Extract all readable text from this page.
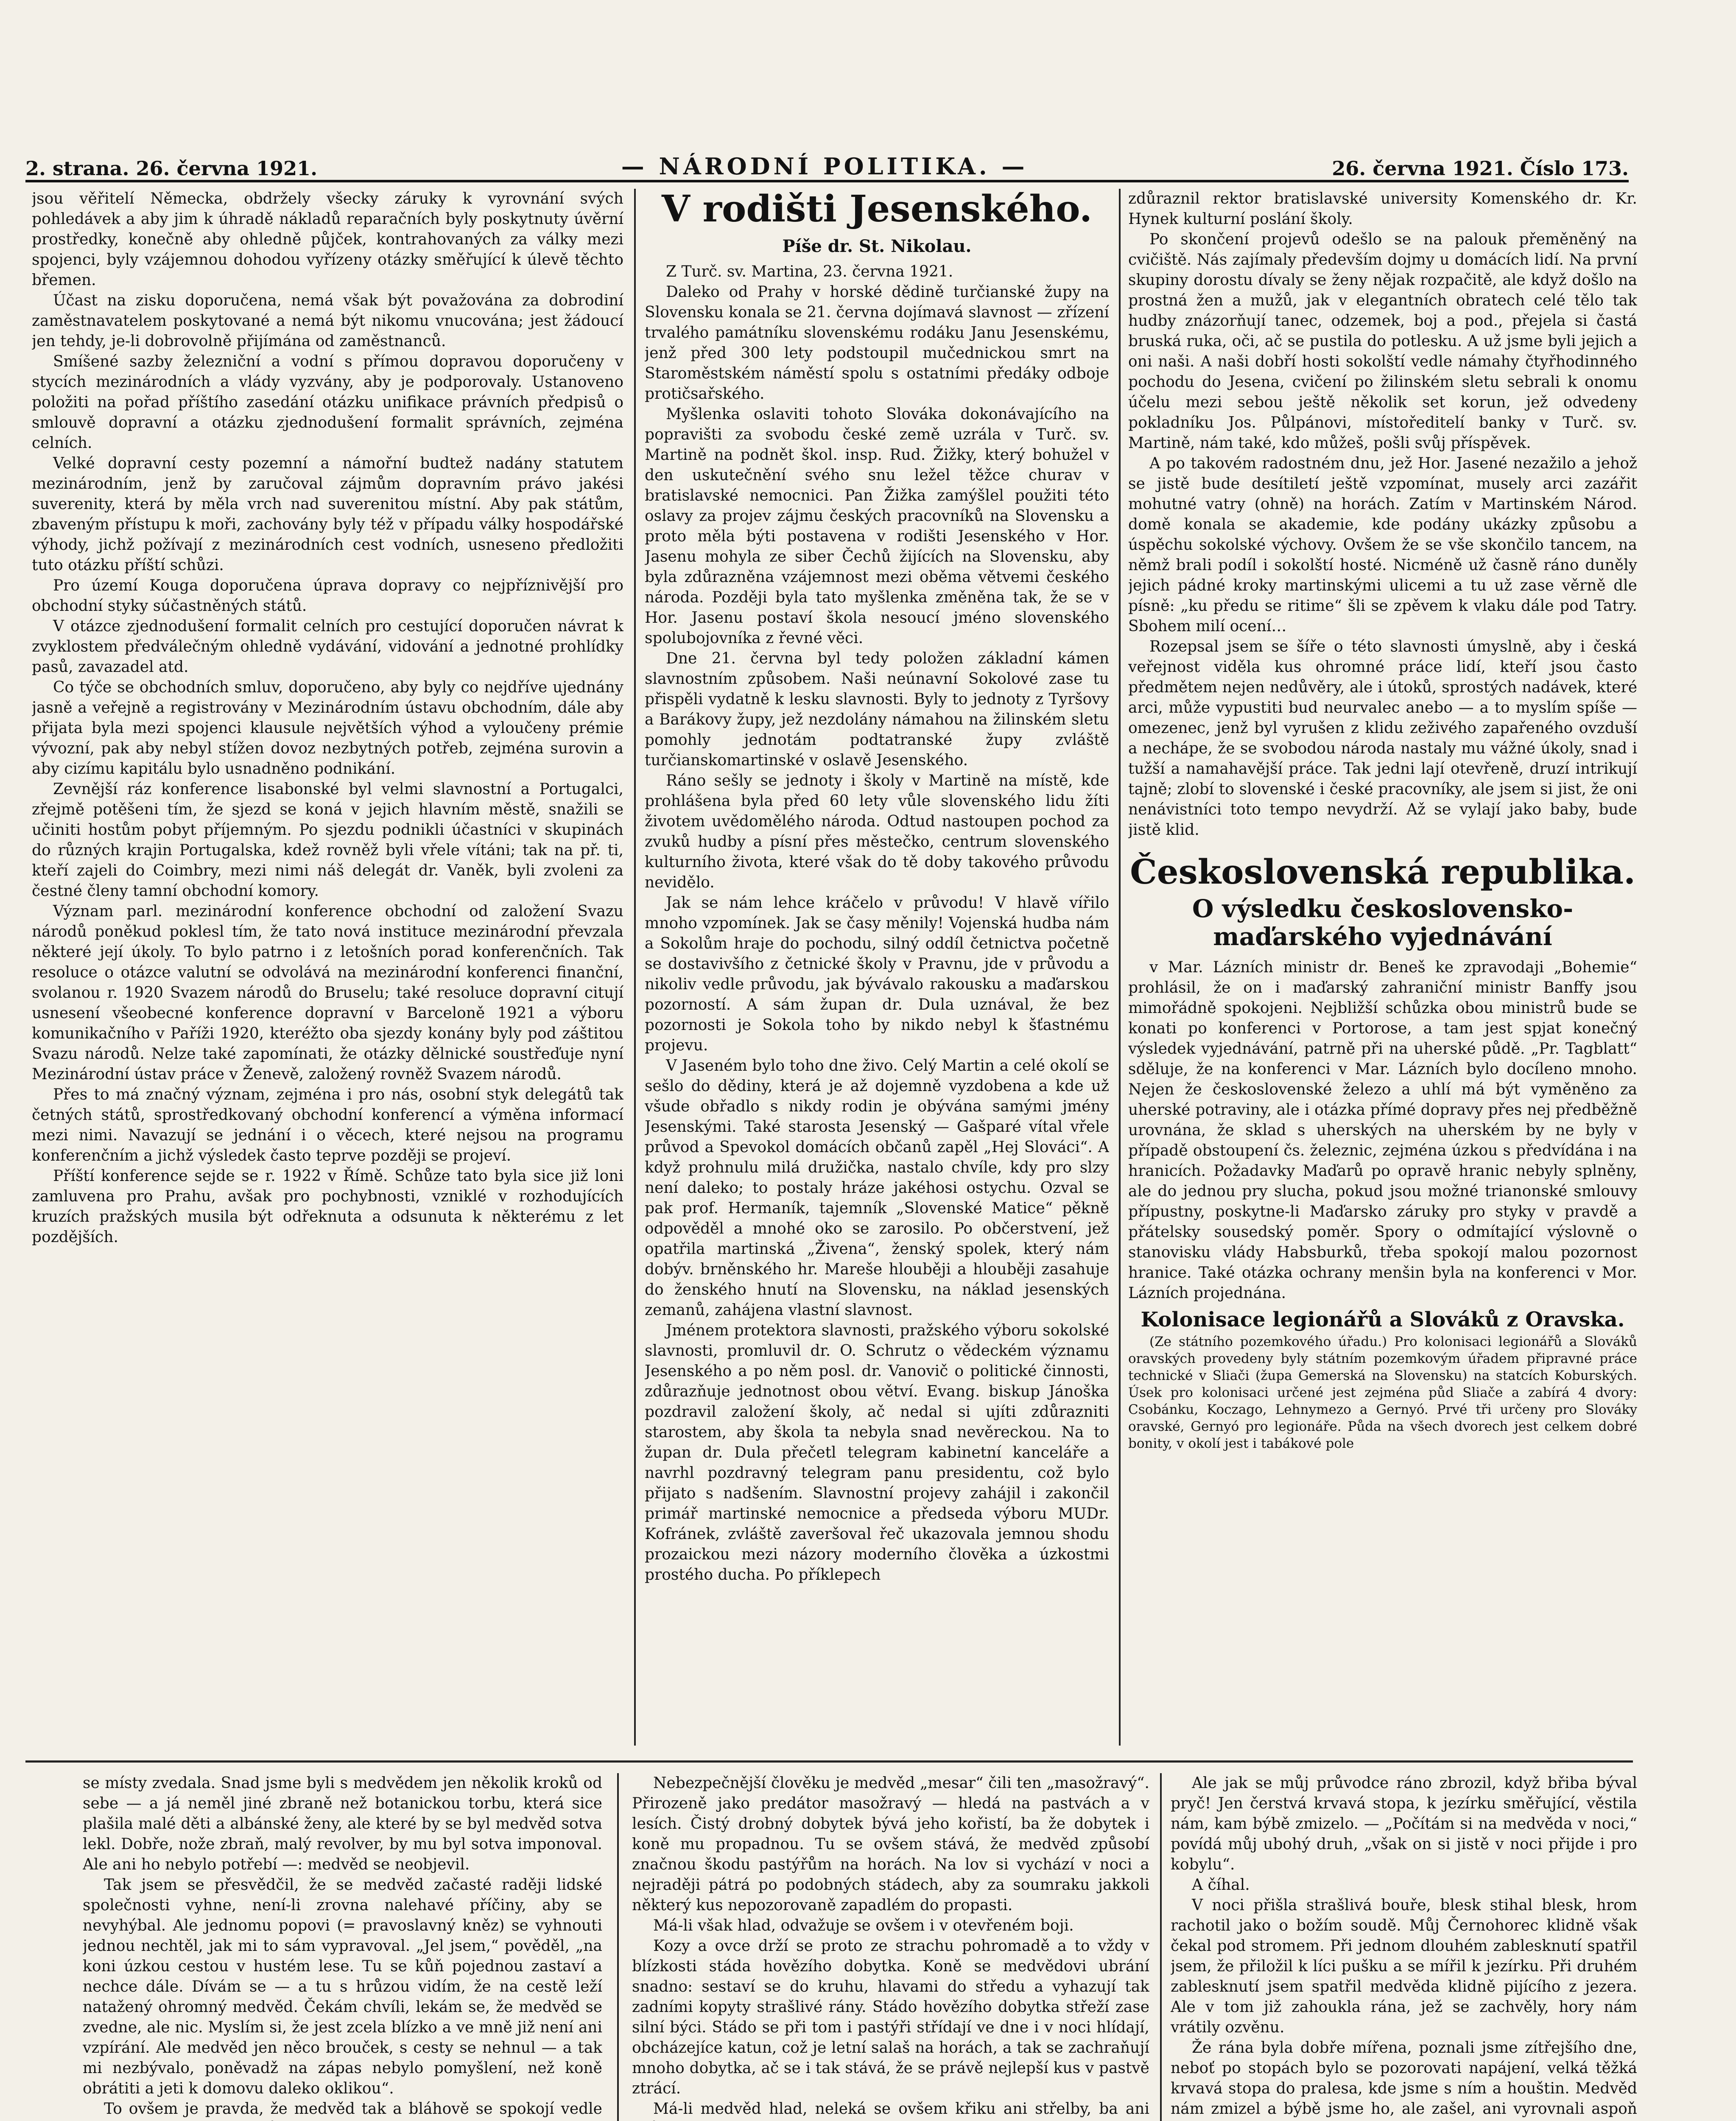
2. strana. 26. června 1921.	— NÁRODNÍ POLITIKA. —	26. června 1921. Číslo 173.

jsou věřitelí Německa, obdržely všecky záruky k vyrovnání svých pohledávek a aby jim k úhradě nákladů reparačních byly poskytnuty úvěrní prostředky, konečně aby ohledně půjček, kontrahovaných za války mezi spojenci, byly vzájemnou dohodou vyřízeny otázky směřující k úlevě těchto břemen.

Účast na zisku doporučena, nemá však být považována za dobrodiní zaměstnavatelem poskytované a nemá být nikomu vnucována; jest žádoucí jen tehdy, je-li dobrovolně přijímána od zaměstnanců.

Smíšené sazby železniční a vodní s přímou dopravou doporučeny v stycích mezinárodních a vlády vyzvány, aby je podporovaly. Ustanoveno položiti na pořad příštího zasedání otázku unifikace právních předpisů o smlouvě dopravní a otázku zjednodušení formalit správních, zejména celních.

Velké dopravní cesty pozemní a námořní budtež nadány statutem mezinárodním, jenž by zaručoval zájmům dopravním právo jakési suverenity, která by měla vrch nad suverenitou místní. Aby pak státům, zbaveným přístupu k moři, zachovány byly též v případu války hospodářské výhody, jichž požívají z mezinárodních cest vodních, usneseno předložiti tuto otázku příští schůzi.

Pro území Kouga doporučena úprava dopravy co nejpříznivější pro obchodní styky súčastněných států.

V otázce zjednodušení formalit celních pro cestující doporučen návrat k zvyklostem předválečným ohledně vydávání, vidování a jednotné prohlídky pasů, zavazadel atd.

Co týče se obchodních smluv, doporučeno, aby byly co nejdříve ujednány jasně a veřejně a registrovány v Mezinárodním ústavu obchodním, dále aby přijata byla mezi spojenci klausule největších výhod a vyloučeny prémie vývozní, pak aby nebyl stížen dovoz nezbytných potřeb, zejména surovin a aby cizímu kapitálu bylo usnadněno podnikání.

Zevnější ráz konference lisabonské byl velmi slavnostní a Portugalci, zřejmě potěšeni tím, že sjezd se koná v jejich hlavním městě, snažili se učiniti hostům pobyt příjemným. Po sjezdu podnikli účastníci v skupinách do různých krajin Portugalska, kdež rovněž byli vřele vítáni; tak na př. ti, kteří zajeli do Coimbry, mezi nimi náš delegát dr. Vaněk, byli zvoleni za čestné členy tamní obchodní komory.

Význam parl. mezinárodní konference obchodní od založení Svazu národů poněkud poklesl tím, že tato nová instituce mezinárodní převzala některé její úkoly. To bylo patrno i z letošních porad konferenčních. Tak resoluce o otázce valutní se odvolává na mezinárodní konferenci finanční, svolanou r. 1920 Svazem národů do Bruselu; také resoluce dopravní citují usnesení všeobecné konference dopravní v Barceloně 1921 a výboru komunikačního v Paříži 1920, kteréžto oba sjezdy konány byly pod záštitou Svazu národů. Nelze také zapomínati, že otázky dělnické soustřeďuje nyní Mezinárodní ústav práce v Ženevě, založený rovněž Svazem národů.

Přes to má značný význam, zejména i pro nás, osobní styk delegátů tak četných států, sprostředkovaný obchodní konferencí a výměna informací mezi nimi. Navazují se jednání i o věcech, které nejsou na programu konferenčním a jichž výsledek často teprve později se projeví.

Příští konference sejde se r. 1922 v Římě. Schůze tato byla sice již loni zamluvena pro Prahu, avšak pro pochybnosti, vzniklé v rozhodujících kruzích pražských musila být odřeknuta a odsunuta k některému z let pozdějších.

V rodišti Jesenského.
Píše dr. St. Nikolau.

Z Turč. sv. Martina, 23. června 1921.

Daleko od Prahy v horské dědině turčianské župy na Slovensku konala se 21. června dojímavá slavnost — zřízení trvalého památníku slovenskému rodáku Janu Jesenskému, jenž před 300 lety podstoupil mučednickou smrt na Staroměstském náměstí spolu s ostatními předáky odboje protičsařského.

Myšlenka oslaviti tohoto Slováka dokonávajícího na popravišti za svobodu české země uzrála v Turč. sv. Martině na podnět škol. insp. Rud. Žižky, který bohužel v den uskutečnění svého snu ležel těžce churav v bratislavské nemocnici. Pan Žižka zamýšlel použiti této oslavy za projev zájmu českých pracovníků na Slovensku a proto měla býti postavena v rodišti Jesenského v Hor. Jasenu mohyla ze siber Čechů žijících na Slovensku, aby byla zdůrazněna vzájemnost mezi oběma větvemi českého národa. Později byla tato myšlenka změněna tak, že se v Hor. Jasenu postaví škola nesoucí jméno slovenského spolubojovníka z řevné věci.

Dne 21. června byl tedy položen základní kámen slavnostním způsobem. Naši neúnavní Sokolové zase tu přispěli vydatně k lesku slavnosti. Byly to jednoty z Tyršovy a Barákovy župy, jež nezdolány námahou na žilinském sletu pomohly jednotám podtatranské župy zvláště turčianskomartinské v oslavě Jesenského.

Ráno sešly se jednoty i školy v Martině na místě, kde prohlášena byla před 60 lety vůle slovenského lidu žíti životem uvědomělého národa. Odtud nastoupen pochod za zvuků hudby a písní přes městečko, centrum slovenského kulturního života, které však do tě doby takového průvodu nevidělo.

Jak se nám lehce kráčelo v průvodu! V hlavě vířilo mnoho vzpomínek. Jak se časy měnily! Vojenská hudba nám a Sokolům hraje do pochodu, silný oddíl četnictva početně se dostavivšího z četnické školy v Pravnu, jde v průvodu a nikoliv vedle průvodu, jak bývávalo rakousku a maďarskou pozorností. A sám župan dr. Dula uznával, že bez pozornosti je Sokola toho by nikdo nebyl k šťastnému projevu.

V Jaseném bylo toho dne živo. Celý Martin a celé okolí se sešlo do dědiny, která je až dojemně vyzdobena a kde už všude obřadlo s nikdy rodin je obývána samými jmény Jesenskými. Také starosta Jesenský — Gašparé vítal vřele průvod a Spevokol domácích občanů zapěl „Hej Slováci“. A když prohnulu milá družička, nastalo chvíle, kdy pro slzy není daleko; to postaly hráze jakéhosi ostychu. Ozval se pak prof. Hermaník, tajemník „Slovenské Matice“ pěkně odpověděl a mnohé oko se zarosilo. Po občerstvení, jež opatřila martinská „Živena“, ženský spolek, který nám dobýv. brněnského hr. Mareše hlouběji a hlouběji zasahuje do ženského hnutí na Slovensku, na náklad jesenských zemanů, zahájena vlastní slavnost.

Jménem protektora slavnosti, pražského výboru sokolské slavnosti, promluvil dr. O. Schrutz o vědeckém významu Jesenského a po něm posl. dr. Vanovič o politické činnosti, zdůrazňuje jednotnost obou větví. Evang. biskup Jánoška pozdravil založení školy, ač nedal si ujíti zdůrazniti starostem, aby škola ta nebyla snad nevěreckou. Na to župan dr. Dula přečetl telegram kabinetní kanceláře a navrhl pozdravný telegram panu presidentu, což bylo přijato s nadšením. Slavnostní projevy zahájil i zakončil primář martinské nemocnice a předseda výboru MUDr. Kofránek, zvláště zaveršoval řeč ukazovala jemnou shodu prozaickou mezi názory moderního člověka a úzkostmi prostého ducha. Po příklepech

zdůraznil rektor bratislavské university Komenského dr. Kr. Hynek kulturní poslání školy.

Po skončení projevů odešlo se na palouk přeměněný na cvičiště. Nás zajímaly především dojmy u domácích lidí. Na první skupiny dorostu dívaly se ženy nějak rozpačitě, ale když došlo na prostná žen a mužů, jak v elegantních obratech celé tělo tak hudby znázorňují tanec, odzemek, boj a pod., přejela si častá bruská ruka, oči, ač se pustila do potlesku. A už jsme byli jejich a oni naši. A naši dobří hosti sokolští vedle námahy čtyřhodinného pochodu do Jesena, cvičení po žilinském sletu sebrali k onomu účelu mezi sebou ještě několik set korun, jež odvedeny pokladníku Jos. Půlpánovi, místoředitelí banky v Turč. sv. Martině, nám také, kdo můžeš, pošli svůj příspěvek.

A po takovém radostném dnu, jež Hor. Jasené nezažilo a jehož se jistě bude desítiletí ještě vzpomínat, musely arci zazářit mohutné vatry (ohně) na horách. Zatím v Martinském Národ. domě konala se akademie, kde podány ukázky způsobu a úspěchu sokolské výchovy. Ovšem že se vše skončilo tancem, na němž brali podíl i sokolští hosté. Nicméně už časně ráno duněly jejich pádné kroky martinskými ulicemi a tu už zase věrně dle písně: „ku předu se ritime“ šli se zpěvem k vlaku dále pod Tatry. Sbohem milí ocení…

Rozepsal jsem se šíře o této slavnosti úmyslně, aby i česká veřejnost viděla kus ohromné práce lidí, kteří jsou často předmětem nejen nedůvěry, ale i útoků, sprostých nadávek, které arci, může vypustiti bud neurvalec anebo — a to myslím spíše — omezenec, jenž byl vyrušen z klidu zeživého zapařeného ovzduší a nechápe, že se svobodou národa nastaly mu vážné úkoly, snad i tužší a namahavější práce. Tak jedni lají otevřeně, druzí intrikují tajně; zlobí to slovenské i české pracovníky, ale jsem si jist, že oni nenávistníci toto tempo nevydrží. Až se vylají jako baby, bude jistě klid.

Československá republika.
O výsledku československo-maďarského vyjednávání

v Mar. Lázních ministr dr. Beneš ke zpravodaji „Bohemie“ prohlásil, že on i maďarský zahraniční ministr Banffy jsou mimořádně spokojeni. Nejbližší schůzka obou ministrů bude se konati po konferenci v Portorose, a tam jest spjat konečný výsledek vyjednávání, patrně při na uherské půdě. „Pr. Tagblatt“ sděluje, že na konferenci v Mar. Lázních bylo docíleno mnoho. Nejen že československé železo a uhlí má být vyměněno za uherské potraviny, ale i otázka přímé dopravy přes nej předběžně urovnána, že sklad s uherských na uherském by ne byly v případě obstoupení čs. železnic, zejména úzkou s předvídána i na hranicích. Požadavky Maďarů po opravě hranic nebyly splněny, ale do jednou pry slucha, pokud jsou možné trianonské smlouvy přípustny, poskytne-li Maďarsko záruky pro styky v pravdě a přátelsky sousedský poměr. Spory o odmítající výslovně o stanovisku vlády Habsburků, třeba spokojí malou pozornost hranice. Také otázka ochrany menšin byla na konferenci v Mor. Lázních projednána.

Kolonisace legionářů a Slováků z Oravska.

(Ze státního pozemkového úřadu.) Pro kolonisaci legionářů a Slováků oravských provedeny byly státním pozemkovým úřadem připravné práce technické v Sliači (župa Gemerská na Slovensku) na statcích Koburských. Úsek pro kolonisaci určené jest zejména půd Sliače a zabírá 4 dvory: Csobánku, Koczago, Lehnymezo a Gernyó. Prvé tři určeny pro Slováky oravské, Gernyó pro legionáře. Půda na všech dvorech jest celkem dobré bonity, v okolí jest i tabákové pole

se místy zvedala. Snad jsme byli s medvědem jen několik kroků od sebe — a já neměl jiné zbraně než botanickou torbu, která sice plašila malé děti a albánské ženy, ale které by se byl medvěd sotva lekl. Dobře, nože zbraň, malý revolver, by mu byl sotva imponoval. Ale ani ho nebylo potřebí —: medvěd se neobjevil.

Tak jsem se přesvědčil, že se medvěd začasté raději lidské společnosti vyhne, není-li zrovna nalehavé příčiny, aby se nevyhýbal. Ale jednomu popovi (= pravoslavný kněz) se vyhnouti jednou nechtěl, jak mi to sám vypravoval. „Jel jsem,“ pověděl, „na koni úzkou cestou v hustém lese. Tu se kůň pojednou zastaví a nechce dále. Dívám se — a tu s hrůzou vidím, že na cestě leží natažený ohromný medvěd. Čekám chvíli, lekám se, že medvěd se zvedne, ale nic. Myslím si, že jest zcela blízko a ve mně již není ani vzpírání. Ale medvěd jen něco brouček, s cesty se nehnul — a tak mi nezbývalo, poněvadž na zápas nebylo pomyšlení, než koně obrátiti a jeti k domovu daleko oklikou“.

To ovšem je pravda, že medvěd tak a bláhově se spokojí vedle

Nebezpečnější člověku je medvěd „mesar“ čili ten „masožravý“. Přirozeně jako predátor masožravý — hledá na pastvách a v lesích. Čistý drobný dobytek bývá jeho kořistí, ba že dobytek i koně mu propadnou. Tu se ovšem stává, že medvěd způsobí značnou škodu pastýřům na horách. Na lov si vychází v noci a nejraději pátrá po podobných stádech, aby za soumraku jakkoli některý kus nepozorovaně zapadlém do propasti.

Má-li však hlad, odvažuje se ovšem i v otevřeném boji.

Kozy a ovce drží se proto ze strachu pohromadě a to vždy v blízkosti stáda hovězího dobytka. Koně se medvědovi ubrání snadno: sestaví se do kruhu, hlavami do středu a vyhazují tak zadními kopyty strašlivé rány. Stádo hovězího dobytka střeží zase silní býci. Stádo se při tom i pastýři střídají ve dne i v noci hlídají, obcházejíce katun, což je letní salaš na horách, a tak se zachraňují mnoho dobytka, ač se i tak stává, že se právě nejlepší kus v pastvě ztrácí.

Má-li medvěd hlad, neleká se ovšem křiku ani střelby, ba ani

Ale jak se můj průvodce ráno zbrozil, když břiba býval pryč! Jen čerstvá krvavá stopa, k jezírku směřující, věstila nám, kam býbě zmizelo. — „Počítám si na medvěda v noci,“ povídá můj ubohý druh, „však on si jistě v noci přijde i pro kobylu“.

A číhal.

V noci přišla strašlivá bouře, blesk stihal blesk, hrom rachotil jako o božím soudě. Můj Černohorec klidně však čekal pod stromem. Při jednom dlouhém zablesknutí spatřil jsem, že přiložil k líci pušku a se mířil k jezírku. Při druhém zablesknutí jsem spatřil medvěda klidně pijícího z jezera. Ale v tom již zahoukla rána, jež se zachvěly, hory nám vrátily ozvěnu.

Že rána byla dobře mířena, poznali jsme zítřejšího dne, neboť po stopách bylo se pozorovati napájení, velká těžká krvavá stopa do pralesa, kde jsme s ním a houštin. Medvěd nám zmizel a býbě jsme ho, ale zašel, ani vyrovnali aspoň
